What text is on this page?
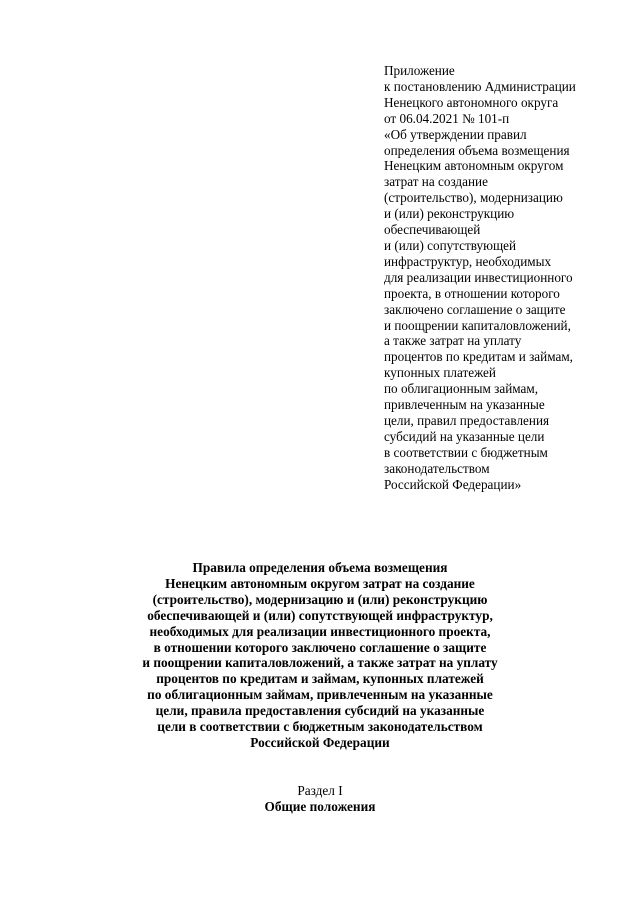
Приложение
к постановлению Администрации
Ненецкого автономного округа
от 06.04.2021 № 101-п
«Об утверждении правил
определения объема возмещения
Ненецким автономным округом
затрат на создание
(строительство), модернизацию
и (или) реконструкцию
обеспечивающей
и (или) сопутствующей
инфраструктур, необходимых
для реализации инвестиционного
проекта, в отношении которого
заключено соглашение о защите
и поощрении капиталовложений,
а также затрат на уплату
процентов по кредитам и займам,
купонных платежей
по облигационным займам,
привлеченным на указанные
цели, правил предоставления
субсидий на указанные цели
в соответствии с бюджетным
законодательством
Российской Федерации»
Правила определения объема возмещения
Ненецким автономным округом затрат на создание
(строительство), модернизацию и (или) реконструкцию
обеспечивающей и (или) сопутствующей инфраструктур,
необходимых для реализации инвестиционного проекта,
в отношении которого заключено соглашение о защите
и поощрении капиталовложений, а также затрат на уплату
процентов по кредитам и займам, купонных платежей
по облигационным займам, привлеченным на указанные
цели, правила предоставления субсидий на указанные
цели в соответствии с бюджетным законодательством
Российской Федерации
Раздел I
Общие положения
